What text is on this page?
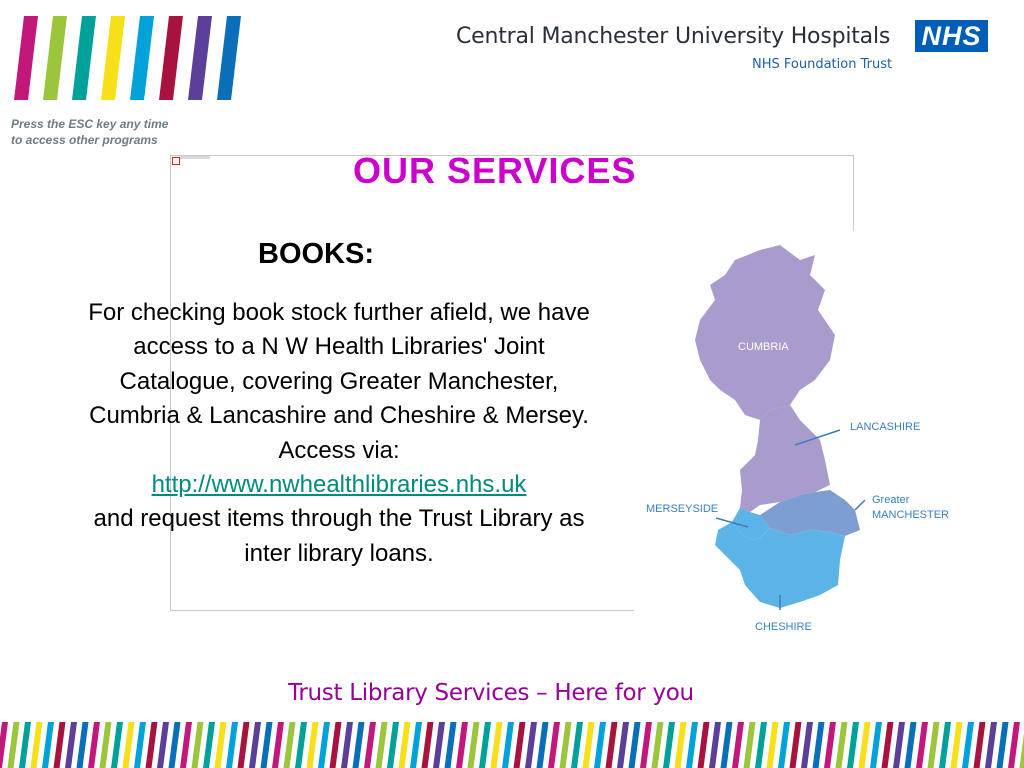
Press the ESC key any time
to access other programs
Central Manchester University Hospitals
NHS Foundation Trust
NHS
OUR SERVICES
BOOKS:
For checking book stock further afield, we have access to a N W Health Libraries' Joint Catalogue, covering Greater Manchester, Cumbria & Lancashire and Cheshire & Mersey. Access via:
http://www.nwhealthlibraries.nhs.uk
and request items through the Trust Library as inter library loans.
CUMBRIA
LANCASHIRE
Greater
MANCHESTER
MERSEYSIDE
CHESHIRE
Trust Library Services – Here for you
